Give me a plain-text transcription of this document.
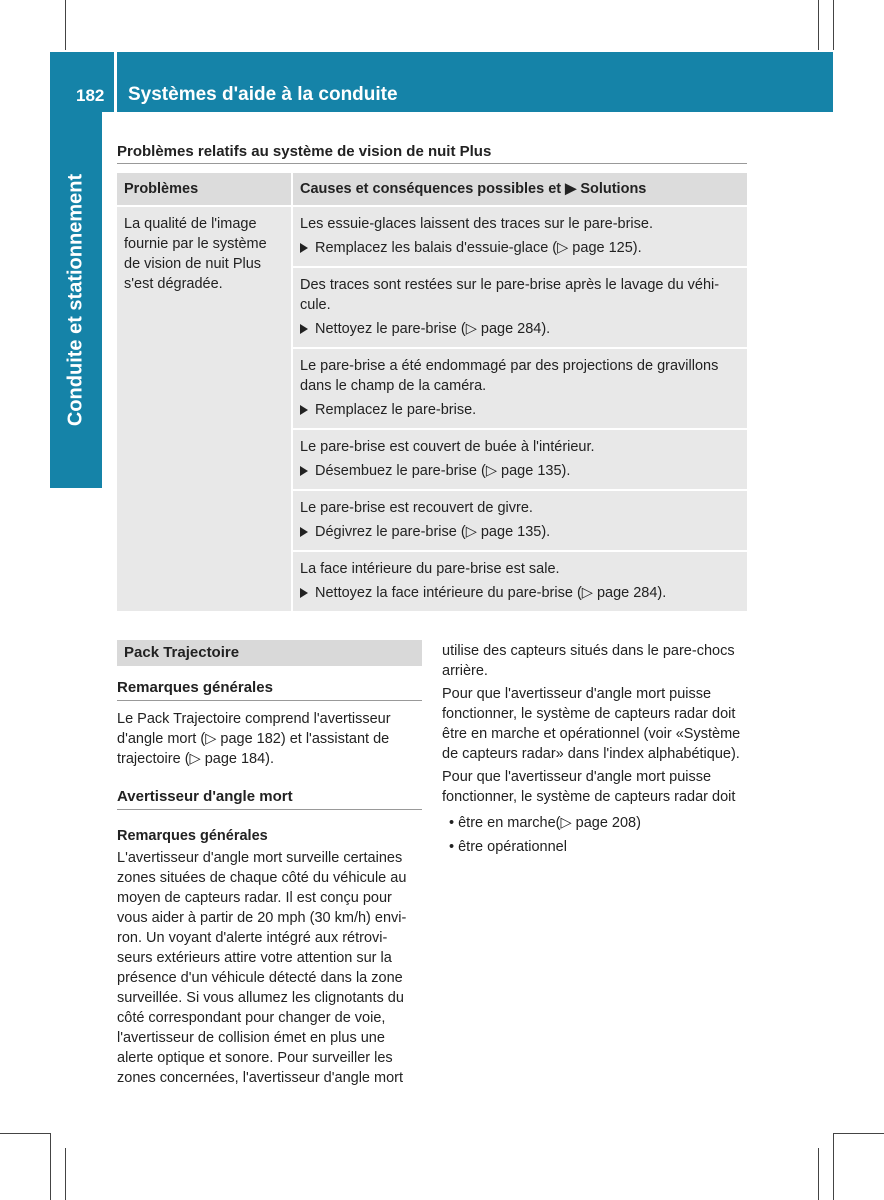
182 Systèmes d'aide à la conduite
Conduite et stationnement
Problèmes relatifs au système de vision de nuit Plus
Problèmes	Causes et conséquences possibles et ▶ Solutions
La qualité de l'image fournie par le système de vision de nuit Plus s'est dégradée.	Les essuie-glaces laissent des traces sur le pare-brise.

Remplacez les balais d'essuie-glace (▷ page 125).

	Des traces sont restées sur le pare-brise après le lavage du véhi-cule.

Nettoyez le pare-brise (▷ page 284).

	Le pare-brise a été endommagé par des projections de gravillons dans le champ de la caméra.

Remplacez le pare-brise.

	Le pare-brise est couvert de buée à l'intérieur.

Désembuez le pare-brise (▷ page 135).

	Le pare-brise est recouvert de givre.

Dégivrez le pare-brise (▷ page 135).

	La face intérieure du pare-brise est sale.

Nettoyez la face intérieure du pare-brise (▷ page 284).
Pack Trajectoire
Remarques générales

Le Pack Trajectoire comprend l'avertisseur d'angle mort (▷ page 182) et l'assistant de trajectoire (▷ page 184).

Avertisseur d'angle mort
Remarques générales

L'avertisseur d'angle mort surveille certaines zones situées de chaque côté du véhicule au moyen de capteurs radar. Il est conçu pour vous aider à partir de 20 mph (30 km/h) envi-ron. Un voyant d'alerte intégré aux rétrovi-seurs extérieurs attire votre attention sur la présence d'un véhicule détecté dans la zone surveillée. Si vous allumez les clignotants du côté correspondant pour changer de voie, l'avertisseur de collision émet en plus une alerte optique et sonore. Pour surveiller les zones concernées, l'avertisseur d'angle mort

utilise des capteurs situés dans le pare-chocs arrière.

Pour que l'avertisseur d'angle mort puisse fonctionner, le système de capteurs radar doit être en marche et opérationnel (voir «Système de capteurs radar» dans l'index alphabétique).

Pour que l'avertisseur d'angle mort puisse fonctionner, le système de capteurs radar doit

• être en marche(▷ page 208)
• être opérationnel
